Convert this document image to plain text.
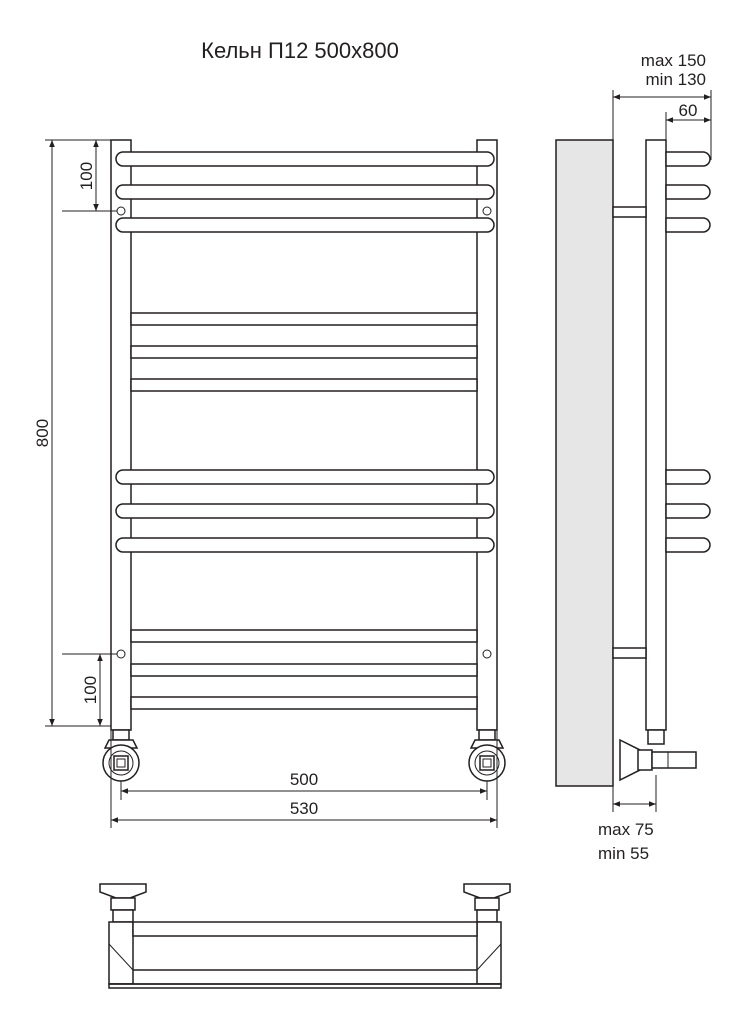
Кельн П12 500x800
800
100
100
500
530
max 150
min 130
60
max 75
min 55
